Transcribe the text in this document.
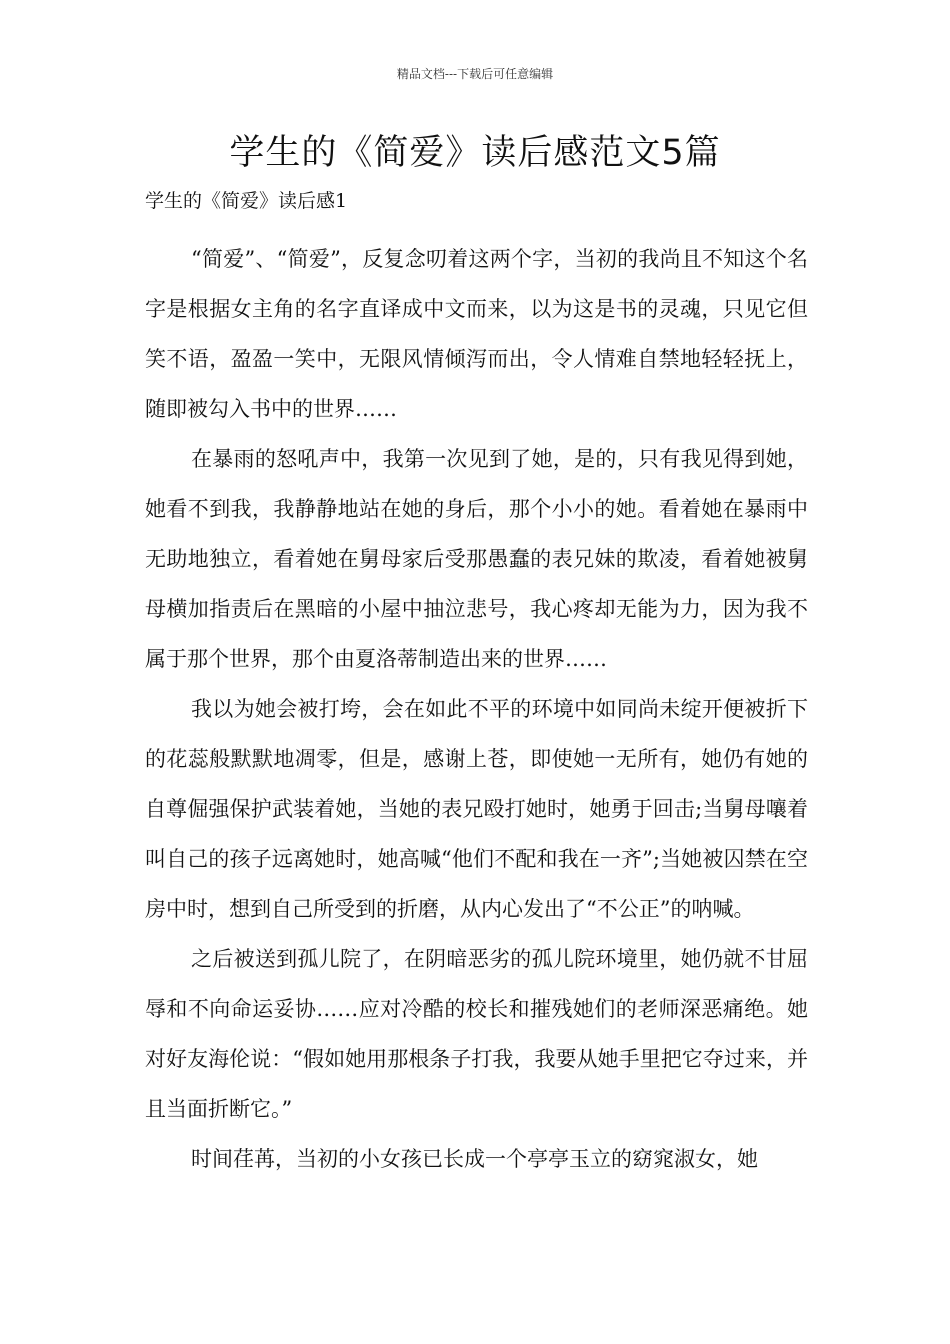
精品文档---下载后可任意编辑
学生的《简爱》读后感范文5篇
学生的《简爱》读后感1

“简爱”、“简爱”，反复念叨着这两个字，当初的我尚且不知这个名字是根据女主角的名字直译成中文而来，以为这是书的灵魂，只见它但笑不语，盈盈一笑中，无限风情倾泻而出，令人情难自禁地轻轻抚上，随即被勾入书中的世界……

在暴雨的怒吼声中，我第一次见到了她，是的，只有我见得到她，她看不到我，我静静地站在她的身后，那个小小的她。看着她在暴雨中无助地独立，看着她在舅母家后受那愚蠢的表兄妹的欺凌，看着她被舅母横加指责后在黑暗的小屋中抽泣悲号，我心疼却无能为力，因为我不属于那个世界，那个由夏洛蒂制造出来的世界……

我以为她会被打垮，会在如此不平的环境中如同尚未绽开便被折下的花蕊般默默地凋零，但是，感谢上苍，即使她一无所有，她仍有她的自尊倔强保护武装着她，当她的表兄殴打她时，她勇于回击;当舅母嚷着叫自己的孩子远离她时，她高喊“他们不配和我在一齐”;当她被囚禁在空房中时，想到自己所受到的折磨，从内心发出了“不公正”的呐喊。

之后被送到孤儿院了，在阴暗恶劣的孤儿院环境里，她仍就不甘屈辱和不向命运妥协……应对冷酷的校长和摧残她们的老师深恶痛绝。她对好友海伦说：“假如她用那根条子打我，我要从她手里把它夺过来，并且当面折断它。”

时间荏苒，当初的小女孩已长成一个亭亭玉立的窈窕淑女，她
